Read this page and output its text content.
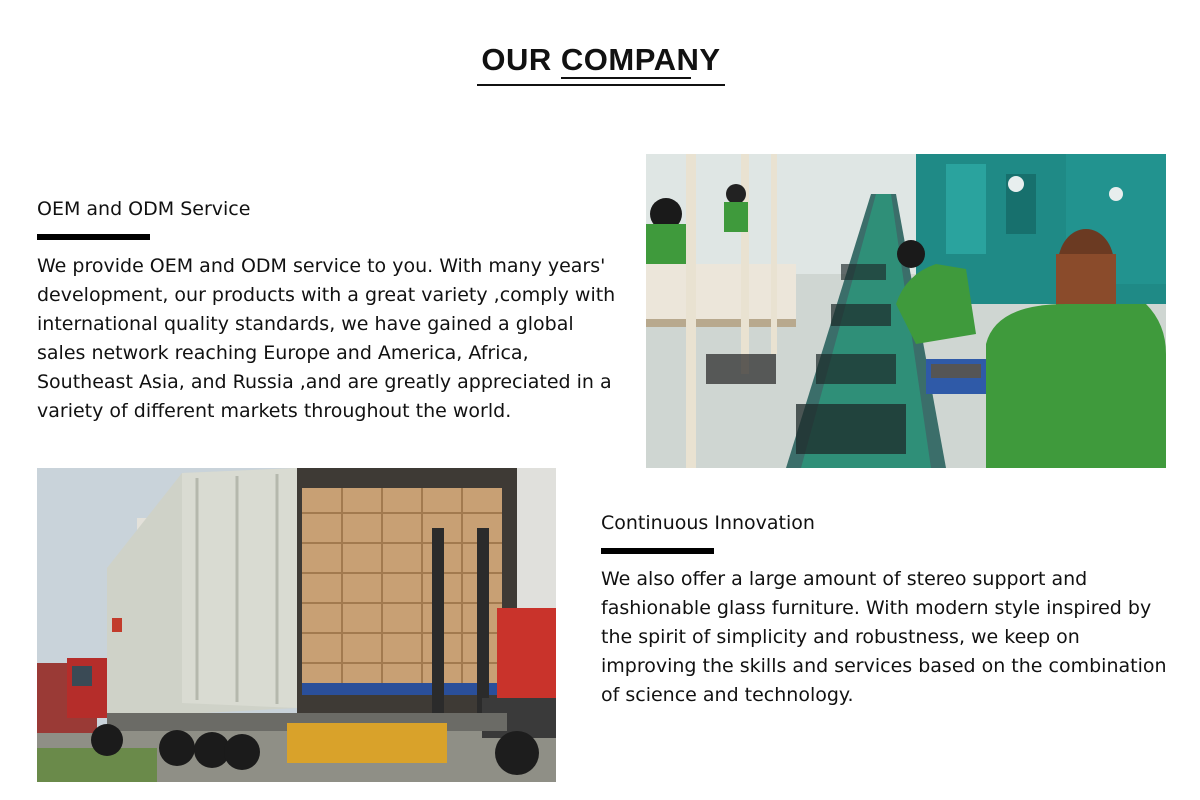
OUR COMPANY
OEM and ODM Service
We provide OEM and ODM service to you. With many years' development, our products with a great variety ,comply with international quality standards, we have gained a global sales network reaching Europe and America, Africa, Southeast Asia, and Russia ,and are greatly appreciated in a variety of different markets throughout the world.
Continuous Innovation
We also offer a large amount of stereo support and fashionable glass furniture. With modern style inspired by the spirit of simplicity and robustness, we keep on improving the skills and services based on the combination of science and technology.
